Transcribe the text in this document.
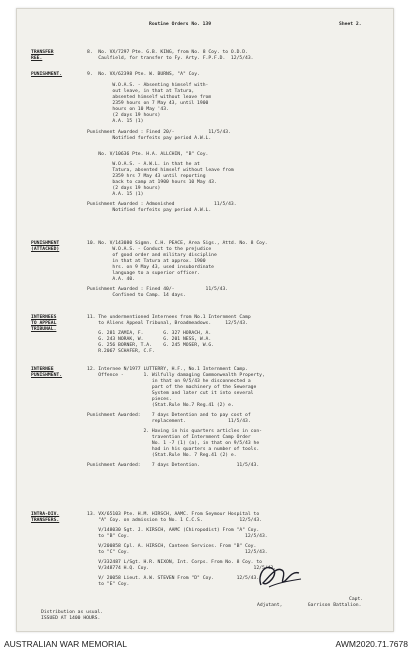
Routine Orders No. 139	Sheet 2.
TRANSFER
REE.
PUNISHMENT.
PUNISHMENT
(ATTACHED)
INTERNEES
TO APPEAL
TRIBUNAL.
INTERNEE
PUNISHMENT.
INTRA-DIV.
TRANSFERS.
8.  No. VX/7297 Pte. G.B. KING, from No. 8 Coy. to O.D.D.
Caulfield, for transfer to Fy. Arty. F.P.F.D.  12/5/43.
9.  No. VX/62398 Pte. W. BURNS, "A" Coy.
W.O.A.S. - Absenting himself with-
out leave, in that at Tatura,
absented himself without leave from
2359 hours on 7 May 43, until 1900
hours on 10 May '43.
(2 days 19 hours)
A.A. 15 (1)
Punishment Awarded : Fined 20/-            11/5/43.
Notified forfeits pay period A.W.L.
No. V/10636 Pte. H.A. ALLCHIN, "B" Coy.
W.O.A.S. - A.W.L. in that he at
Tatura, absented himself without leave from
2359 hrs 7 May 43 until reporting
back to camp at 1900 hours 10 May 43.
(2 days 19 hours)
A.A. 15 (1)
Punishment Awarded : Admonished              11/5/43.
Notified forfeits pay period A.W.L.
10. No. V/143080 Sigmn. C.H. PEACE, Area Sigs., Attd. No. 8 Coy.
W.O.A.S. - Conduct to the prejudice
of good order and military discipline
in that at Tatura at approx. 1900
hrs. on 9 May 43, used insubordinate
language to a superior officer.
A.A. 40.
Punishment Awarded : Fined 40/-           11/5/43.
Confined to Camp. 14 days.
11. The undermentioned Internees from No.1 Internment Camp
to Aliens Appeal Tribunal, Broadmeadows.     12/5/43.
G. 281 ZAMIA, F.       G. 327 HORACH, A.
G. 243 NORAK, W.       G. 201 NESS, W.A.
G. 256 BORNER, T.A.    G. 245 MOSER, W.G.
R.2067 SCHAFER, C.F.
12. Internee N/1977 LUTTERRY, H.F., No.1 Internment Camp.
Offence -       1. Wilfully damaging Commonwealth Property,
in that on 9/5/43 he disconnected a
part of the machinery of the Sewerage
System and later cut it into several
pieces.
(Stat.Rule No.7 Reg.41 (2) e.
Punishment Awarded:    7 days Detention and to pay cost of
replacement.               11/5/43.
2. Having in his quarters articles in con-
travention of Internment Camp Order
No. 1 -7 (1) (a), in that on 9/5/43 he
had in his quarters a number of tools.
(Stat.Rule No. 7 Reg.41 (2) e.
Punishment Awarded:    7 days Detention.             11/5/43.
13. VX/65103 Pte. H.M. HIRSCH, AAMC. From Seymour Hospital to
"A" Coy. on admission to No. 1 C.C.S.             12/5/43.
V/148030 Sgt. J. KIRSCH, AAMC (Chiropodist) From "A" Coy.
to "B" Coy.                                         12/5/43.
V/200858 Cpl. A. HIRSCH, Canteen Services. From "B" Coy.
to "C" Coy.                                         12/5/43.
V/332487 L/Sgt. H.R. NIXON, Int. Corps. From No. 8 Coy. to
V/348774 H.Q. Coy.                                     12/5/43.
V/ 20058 Lieut. A.W. STEVEN From "D" Coy.        12/5/43.
to "E" Coy.
Capt.
Adjutant,         Garrison Battalion.
Distribution as usual.
ISSUED AT 1400 HOURS.
AUSTRALIAN WAR MEMORIAL	AWM2020.71.7678
